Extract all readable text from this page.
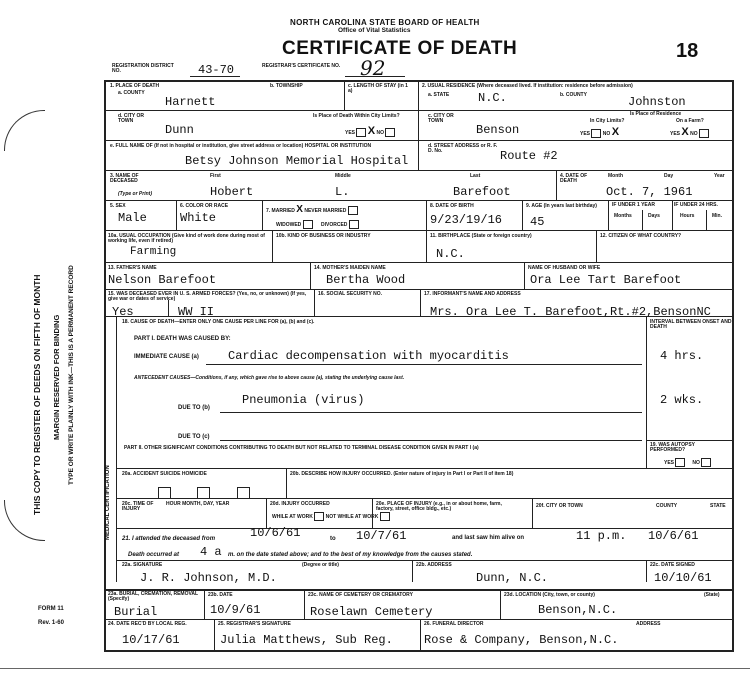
THIS COPY TO REGISTER OF DEEDS ON FIFTH OF MONTH MARGIN RESERVED FOR BINDING TYPE OR WRITE PLAINLY WITH INK—THIS IS A PERMANENT RECORD
FORM 11
Rev. 1-60
NORTH CAROLINA STATE BOARD OF HEALTH
Office of Vital Statistics
CERTIFICATE OF DEATH	18
REGISTRATION DISTRICT NO.	43-70	REGISTRAR'S CERTIFICATE NO. 92
1. PLACE OF DEATH
a. COUNTY
Harnett
b. TOWNSHIP	c. LENGTH OF STAY (in 1 a)
d. CITY OR TOWN
Dunn
Is Place of Death Within City Limits?
YES X NO
e. FULL NAME OF (If not in hospital or institution, give street address or location) HOSPITAL OR INSTITUTION
Betsy Johnson Memorial Hospital
2. USUAL RESIDENCE (Where deceased lived. If institution: residence before admission)
a. STATE N.C.	b. COUNTY	Johnston
c. CITY OR TOWN
Benson
Is Place of Residence
In City Limits?	On a Farm?
YES	NO X	YES X NO
d. STREET ADDRESS or R. F. D. No.	Route #2
3. NAME OF DECEASED
(Type or Print)
First	Middle	Last
Hobert	L.	Barefoot
4. DATE OF DEATH
Month	Day	Year
Oct. 7, 1961
5. SEX
Male
6. COLOR OR RACE
White
7. MARRIED X NEVER MARRIED
WIDOWED	DIVORCED
8. DATE OF BIRTH
9/23/19/16
9. AGE (In years last birthday)
45
IF UNDER 1 YEAR	IF UNDER 24 HRS.
Months	Days	Hours	Min.
10a. USUAL OCCUPATION (Give kind of work done during most of working life, even if retired)
Farming
10b. KIND OF BUSINESS OR INDUSTRY	11. BIRTHPLACE (State or foreign country)
N.C.
12. CITIZEN OF WHAT COUNTRY?
13. FATHER'S NAME
Nelson Barefoot
14. MOTHER'S MAIDEN NAME
Bertha Wood
NAME OF HUSBAND OR WIFE
Ora Lee Tart Barefoot
15. WAS DECEASED EVER IN U. S. ARMED FORCES? (Yes, no, or unknown) (If yes, give war or dates of service)
Yes	WW II
16. SOCIAL SECURITY NO.	17. INFORMANT'S NAME AND ADDRESS
Mrs. Ora Lee T. Barefoot,Rt.#2,BensonNC
MEDICAL CERTIFICATION
18. CAUSE OF DEATH—ENTER ONLY ONE CAUSE PER LINE FOR (a), (b) and (c).	INTERVAL BETWEEN ONSET AND DEATH
PART I. DEATH WAS CAUSED BY:
IMMEDIATE CAUSE (a) Cardiac decompensation with myocarditis	4 hrs.
ANTECEDENT CAUSES—Conditions, if any, which gave rise to above cause (a), stating the underlying cause last.
DUE TO (b)
Pneumonia (virus)	2 wks.
DUE TO (c)
PART II. OTHER SIGNIFICANT CONDITIONS CONTRIBUTING TO DEATH BUT NOT RELATED TO TERMINAL DISEASE CONDITION GIVEN IN PART I (a)	19. WAS AUTOPSY PERFORMED?
YES	NO
20a. ACCIDENT SUICIDE HOMICIDE
	20b. DESCRIBE HOW INJURY OCCURRED. (Enter nature of injury in Part I or Part II of item 18)
20c. TIME OF INJURY
HOUR MONTH, DAY, YEAR	20d. INJURY OCCURRED
WHILE AT WORK	NOT WHILE AT WORK
20e. PLACE OF INJURY (e.g., in or about home, farm, factory, street, office bldg., etc.)	20f. CITY OR TOWN	COUNTY	STATE
21. I attended the deceased from	10/6/61	to 10/7/61	and last saw him alive on	11 p.m. 10/6/61
Death occurred at 4 a m. on the date stated above; and to the best of my knowledge from the causes stated.
22a. SIGNATURE	(Degree or title)
J. R. Johnson, M.D.
22b. ADDRESS
Dunn, N.C.
22c. DATE SIGNED
10/10/61
23a. BURIAL, CREMATION, REMOVAL (Specify)
Burial
23b. DATE
10/9/61
23c. NAME OF CEMETERY OR CREMATORY
Roselawn Cemetery
23d. LOCATION (City, town, or county)	(State)
Benson,N.C.
24. DATE REC'D BY LOCAL REG.
10/17/61
25. REGISTRAR'S SIGNATURE
Julia Matthews, Sub Reg.
26. FUNERAL DIRECTOR	ADDRESS
Rose & Company, Benson,N.C.
